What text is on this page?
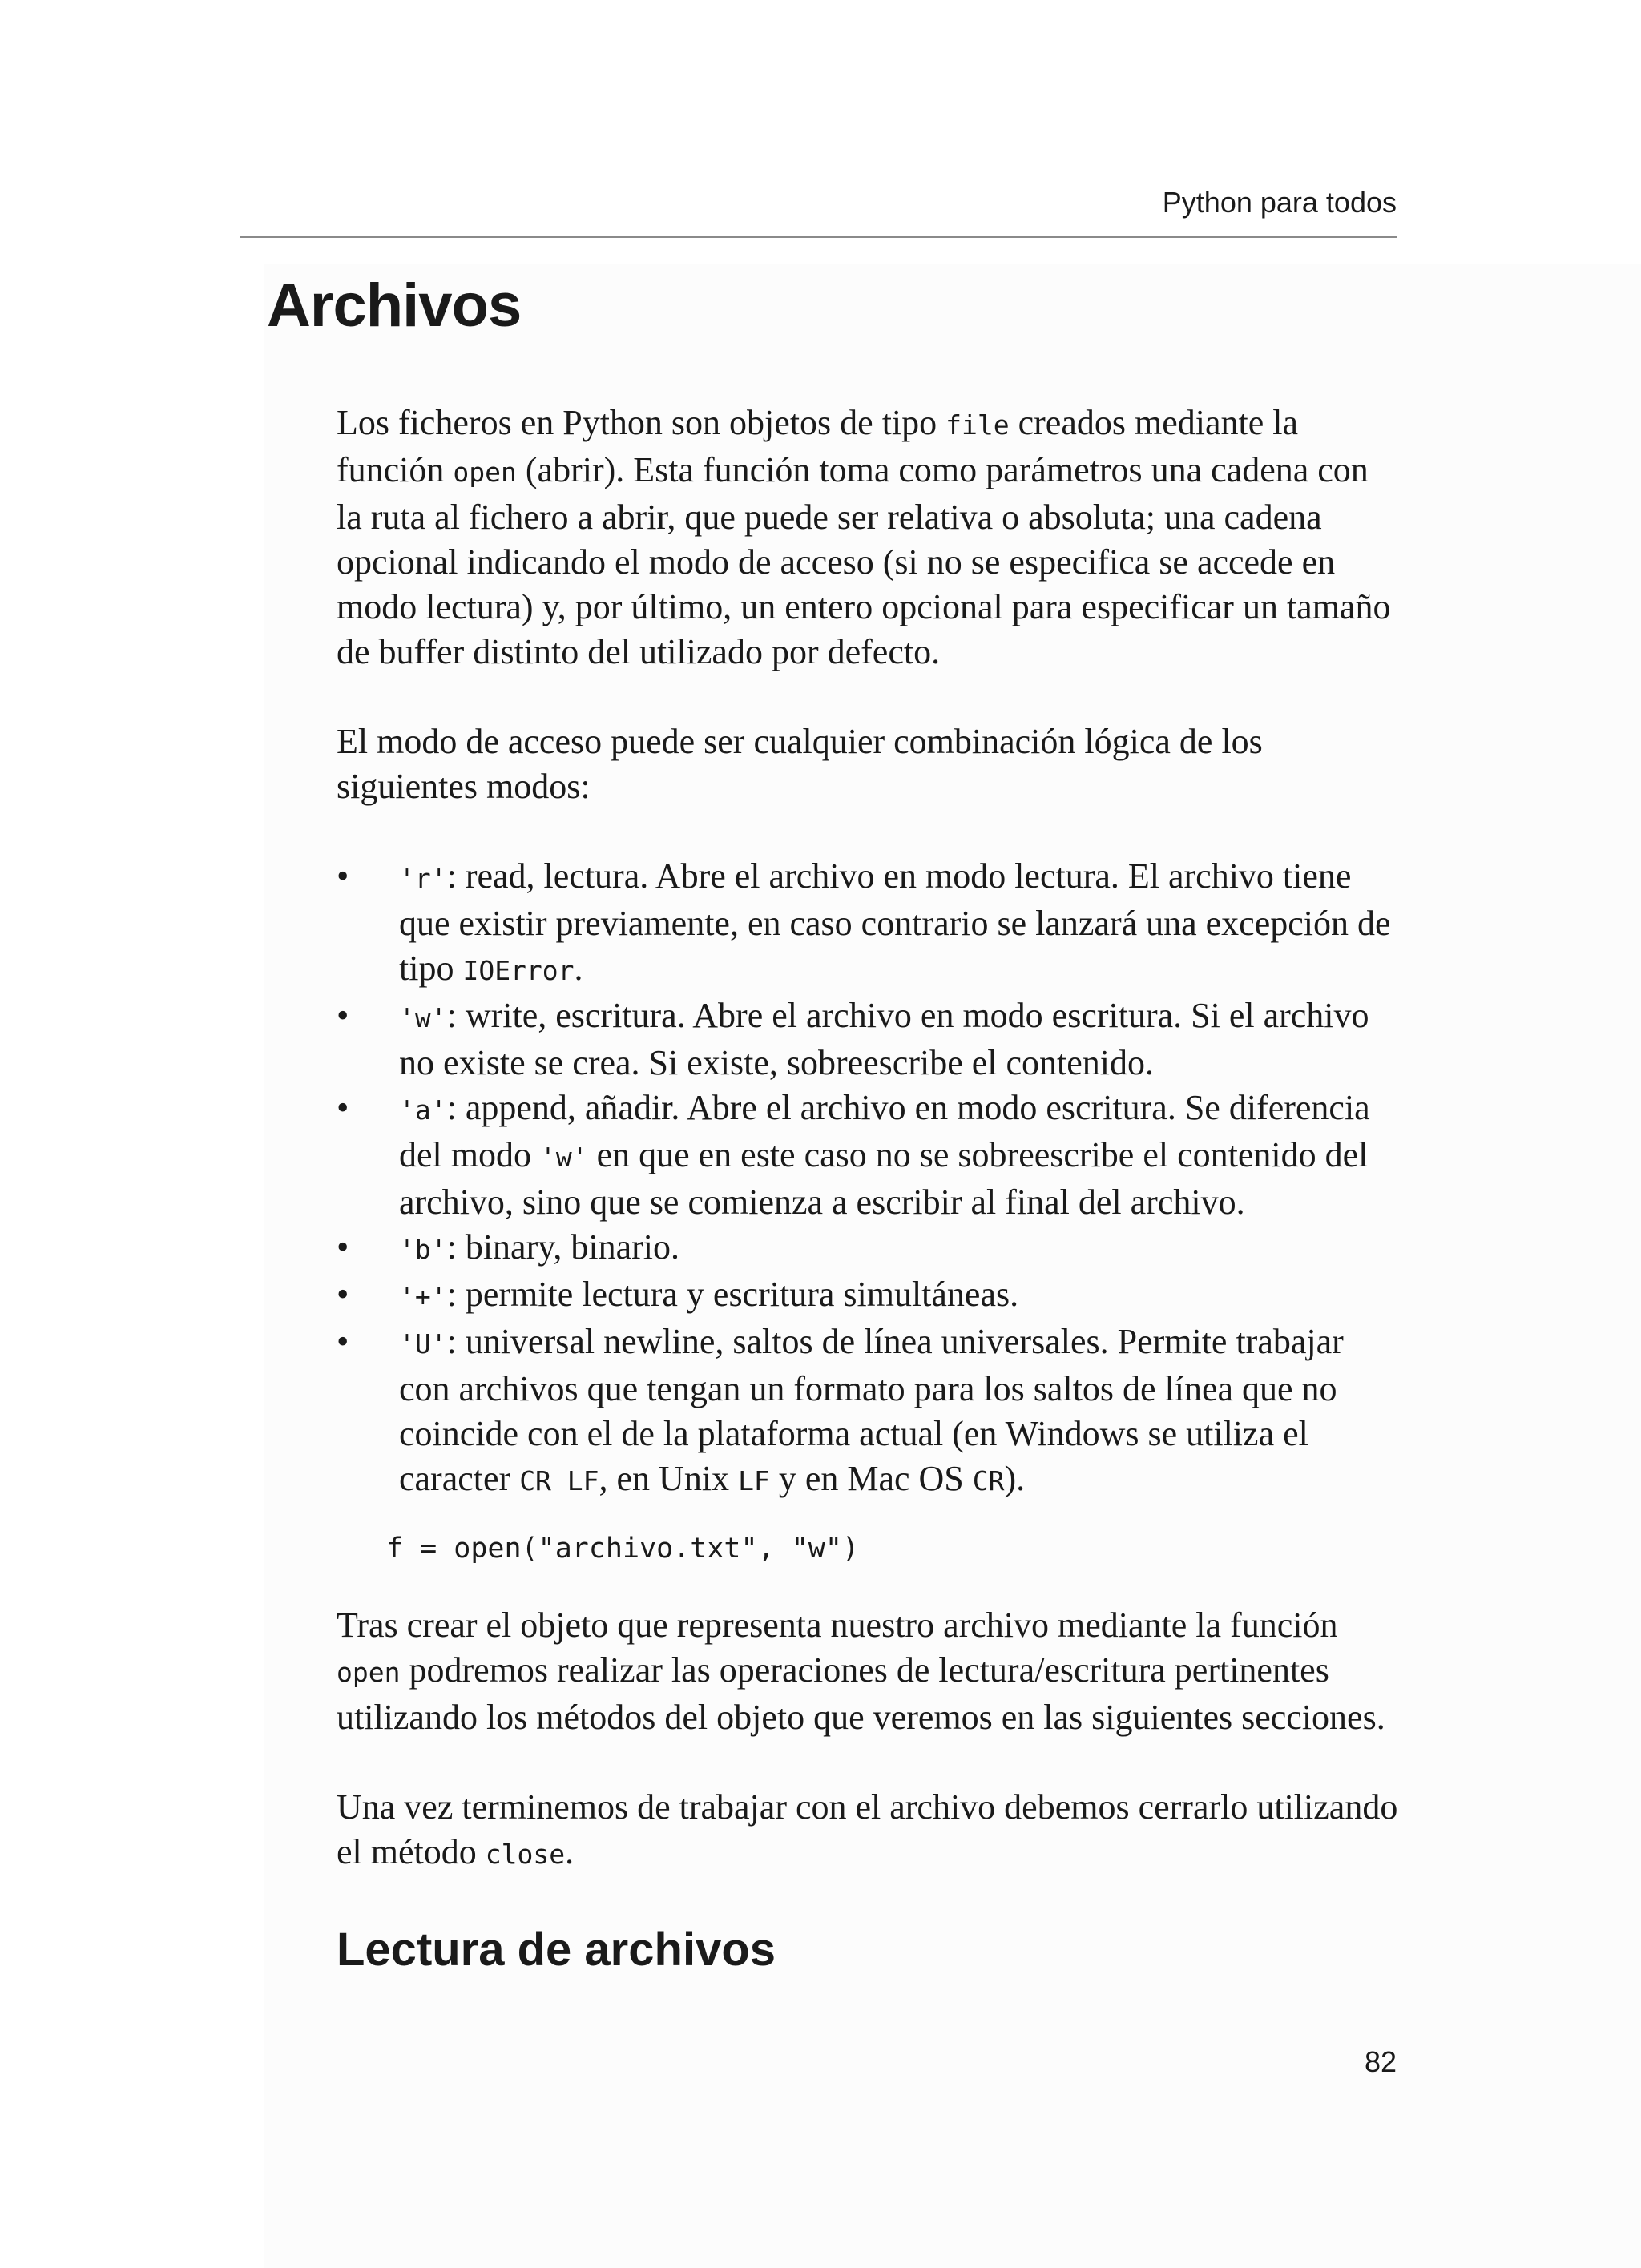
Python para todos
Archivos

Los ficheros en Python son objetos de tipo file creados mediante la función open (abrir). Esta función toma como parámetros una cadena con la ruta al fichero a abrir, que puede ser relativa o absoluta; una cadena opcional indicando el modo de acceso (si no se especifica se accede en modo lectura) y, por último, un entero opcional para especificar un tamaño de buffer distinto del utilizado por defecto.

El modo de acceso puede ser cualquier combinación lógica de los siguientes modos:

• 'r': read, lectura. Abre el archivo en modo lectura. El archivo tiene que existir previamente, en caso contrario se lanzará una excepción de tipo IOError.
• 'w': write, escritura. Abre el archivo en modo escritura. Si el archivo no existe se crea. Si existe, sobreescribe el contenido.
• 'a': append, añadir. Abre el archivo en modo escritura. Se diferencia del modo 'w' en que en este caso no se sobreescribe el contenido del archivo, sino que se comienza a escribir al final del archivo.
• 'b': binary, binario.
• '+': permite lectura y escritura simultáneas.
• 'U': universal newline, saltos de línea universales. Permite trabajar con archivos que tengan un formato para los saltos de línea que no coincide con el de la plataforma actual (en Windows se utiliza el caracter CR LF, en Unix LF y en Mac OS CR).
f = open("archivo.txt", "w")

Tras crear el objeto que representa nuestro archivo mediante la función open podremos realizar las operaciones de lectura/escritura pertinentes utilizando los métodos del objeto que veremos en las siguientes secciones.

Una vez terminemos de trabajar con el archivo debemos cerrarlo utilizando el método close.

Lectura de archivos
82
